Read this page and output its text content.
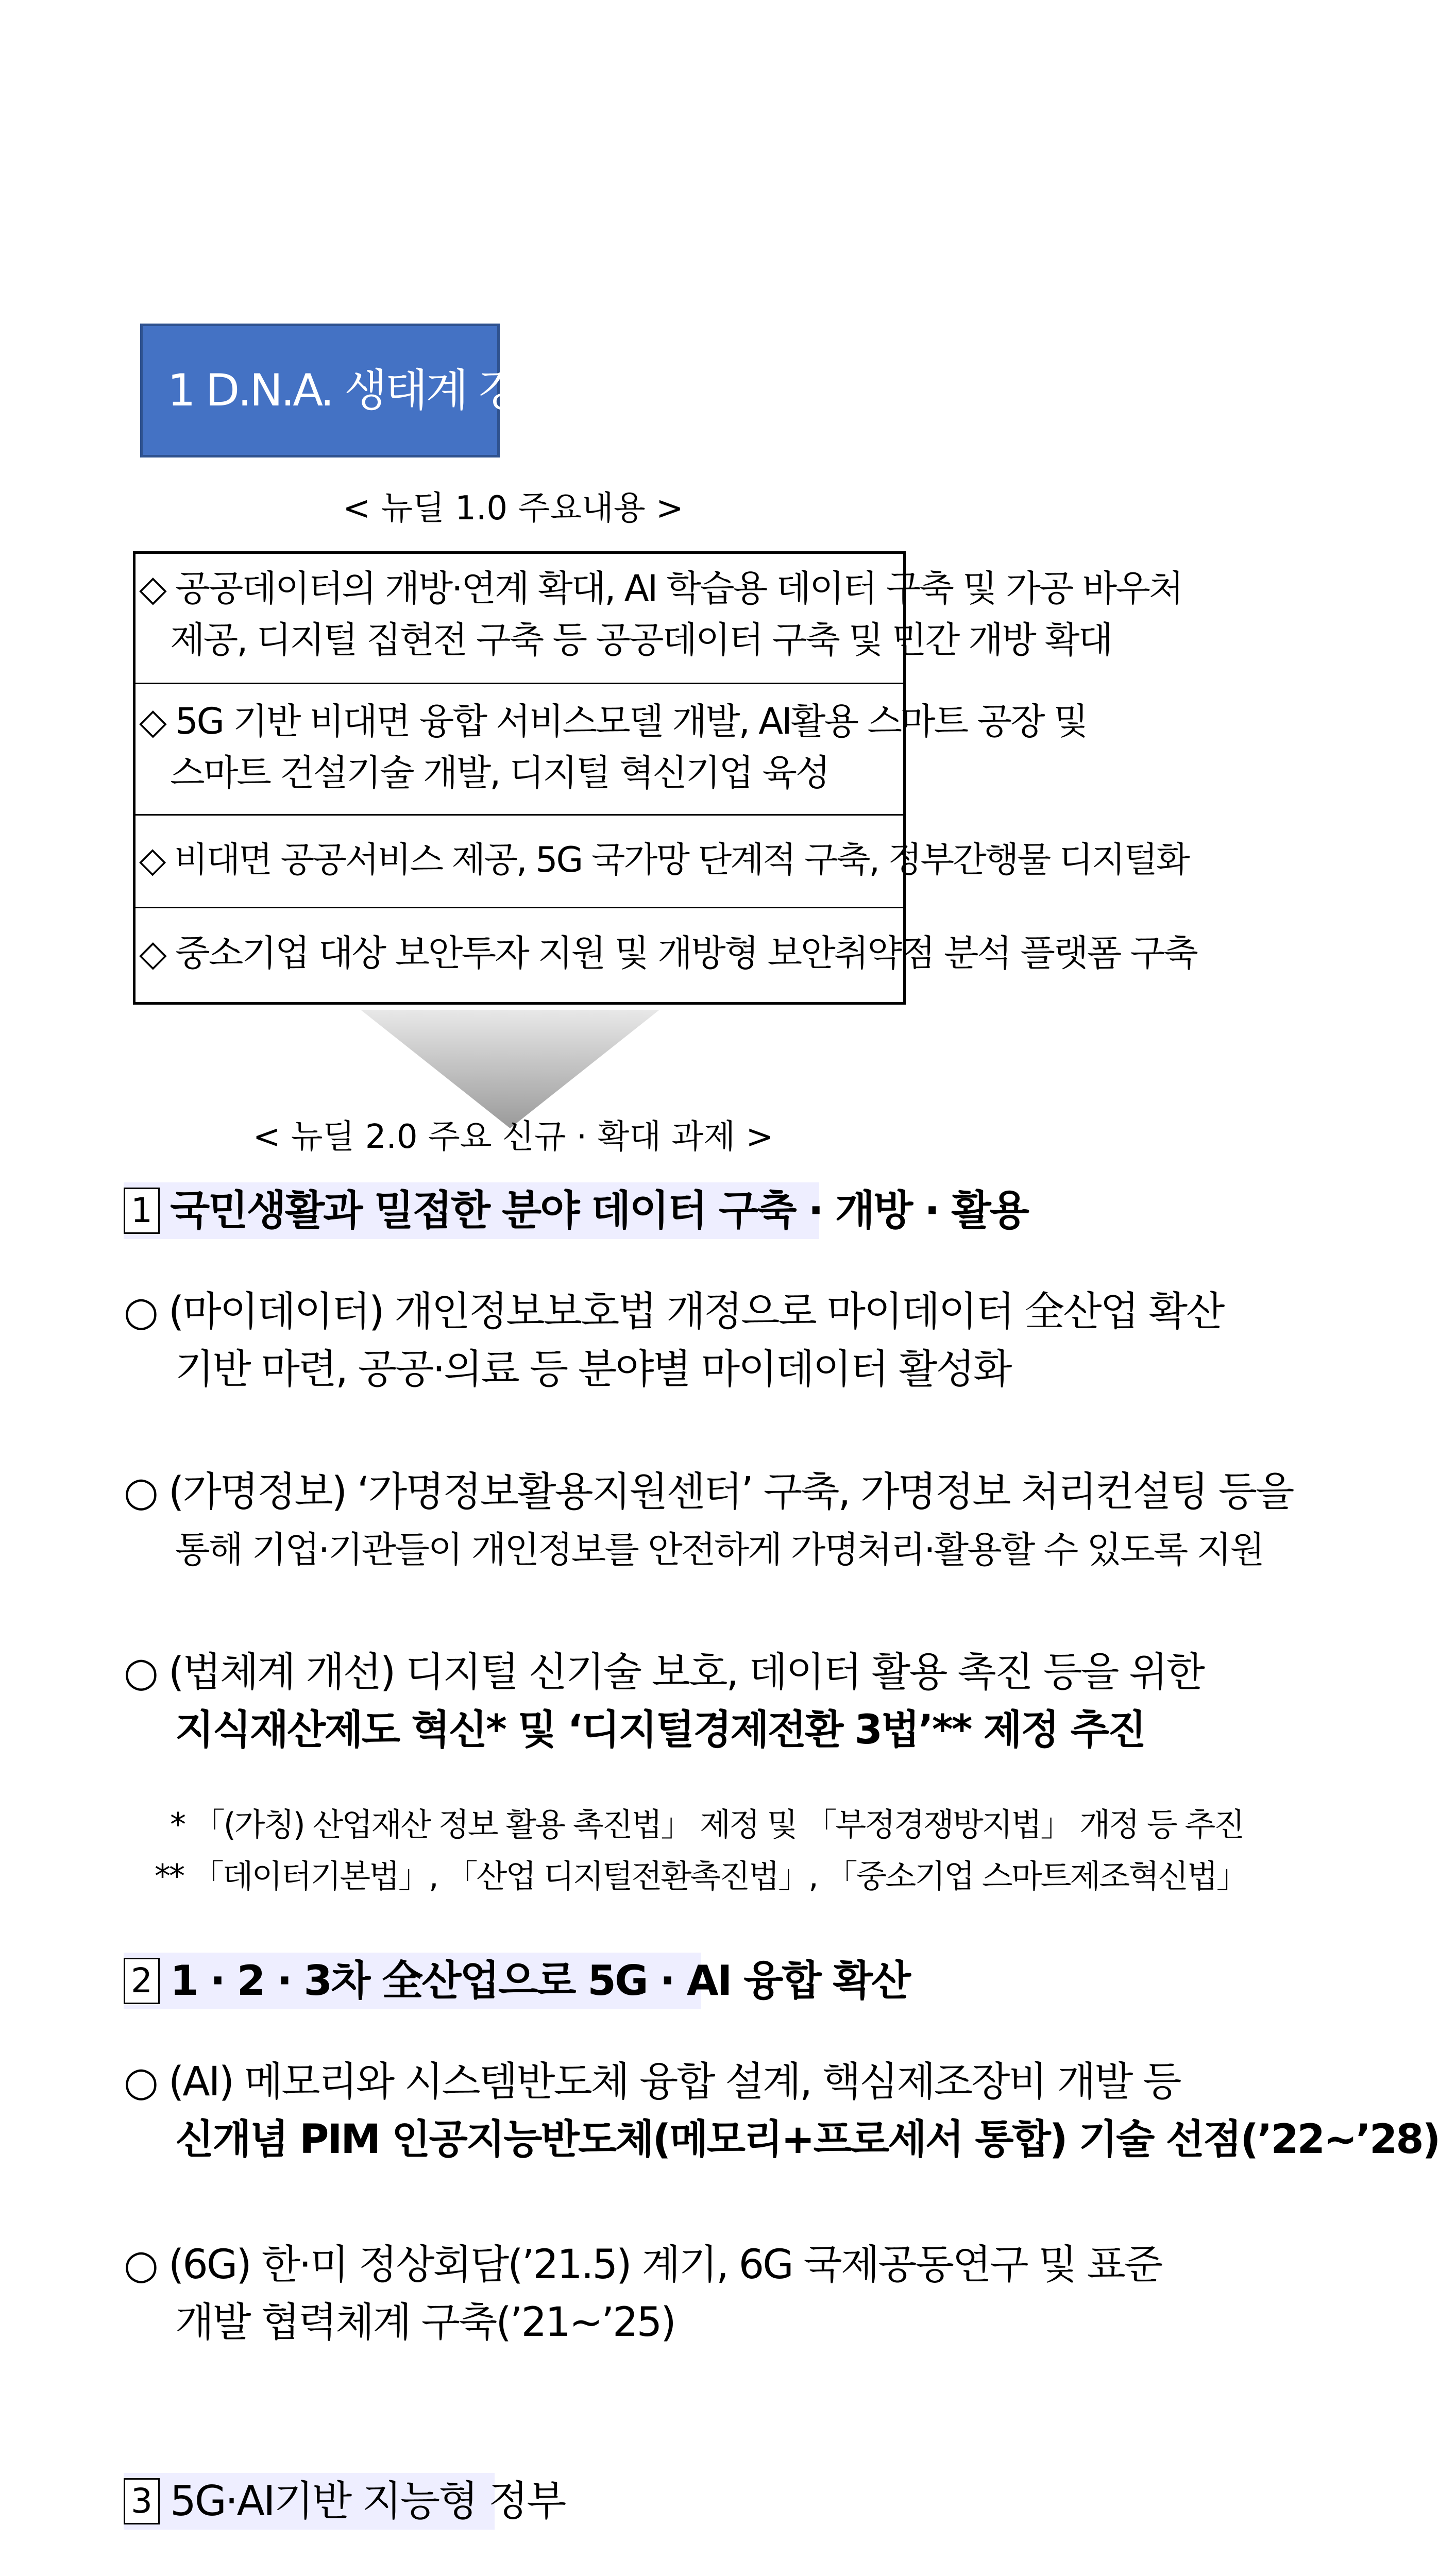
1 D.N.A. 생태계 강화
< 뉴딜 1.0 주요내용 >
◇ 공공데이터의 개방·연계 확대, AI 학습용 데이터 구축 및 가공 바우처
제공, 디지털 집현전 구축 등 공공데이터 구축 및 민간 개방 확대
◇ 5G 기반 비대면 융합 서비스모델 개발, AI활용 스마트 공장 및
스마트 건설기술 개발, 디지털 혁신기업 육성
◇ 비대면 공공서비스 제공, 5G 국가망 단계적 구축, 정부간행물 디지털화
◇ 중소기업 대상 보안투자 지원 및 개방형 보안취약점 분석 플랫폼 구축
< 뉴딜 2.0 주요 신규 · 확대 과제 >
1 국민생활과 밀접한 분야 데이터 구축 · 개방 · 활용
○ (마이데이터) 개인정보보호법 개정으로 마이데이터 全산업 확산
기반 마련, 공공·의료 등 분야별 마이데이터 활성화
○ (가명정보) ‘가명정보활용지원센터’ 구축, 가명정보 처리컨설팅 등을
통해 기업·기관들이 개인정보를 안전하게 가명처리·활용할 수 있도록 지원
○ (법체계 개선) 디지털 신기술 보호, 데이터 활용 촉진 등을 위한
지식재산제도 혁신* 및 ‘디지털경제전환 3법’** 제정 추진
* 「(가칭) 산업재산 정보 활용 촉진법」 제정 및 「부정경쟁방지법」 개정 등 추진
** 「데이터기본법」, 「산업 디지털전환촉진법」, 「중소기업 스마트제조혁신법」
2 1 · 2 · 3차 全산업으로 5G · AI 융합 확산
○ (AI) 메모리와 시스템반도체 융합 설계, 핵심제조장비 개발 등
신개념 PIM 인공지능반도체(메모리+프로세서 통합) 기술 선점(’22~’28)
○ (6G) 한·미 정상회담(’21.5) 계기, 6G 국제공동연구 및 표준
개발 협력체계 구축(’21~’25)
3 5G·AI기반 지능형 정부
